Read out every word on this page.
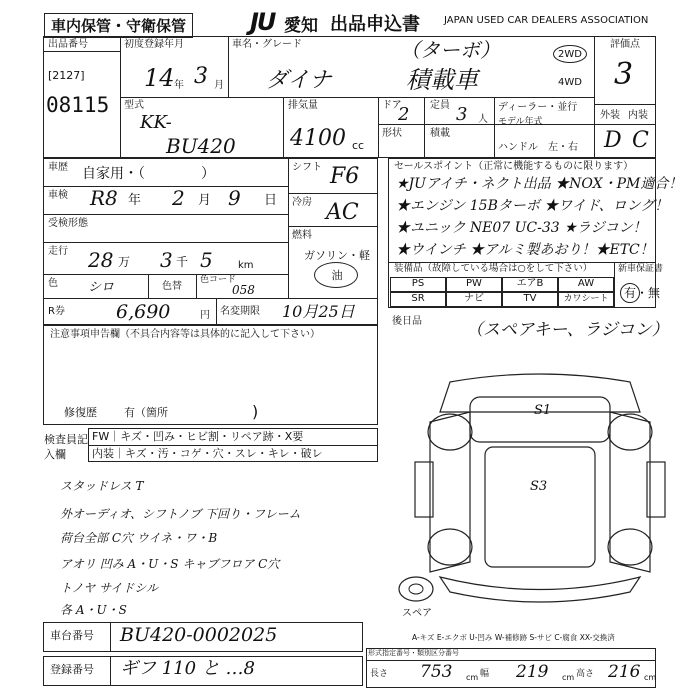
車内保管・守衛保管	JU 愛知 出品申込書 JAPAN USED CAR DEALERS ASSOCIATION
出品番号
[2127]
08115
初度登録年月
14 年 3 月
車名・グレード	（ターボ）
ダイナ	積載車
2WD
4WD
評価点
3
型式
KK-
BU420
排気量
4100 cc
ドア
2 定員 3 人
形状	積載
ディーラー・並行
モデル年式
ハンドル 左・右
外装 内装
D C
車歴 自家用・（　　　　）
車検 R8 年 2 月 9 日
受検形態
走行 28 万 3 千 5	km
色 シロ	色替
色コード
058
R券	6,690	円 名変期限 10月25日
シフト F6
冷房 AC
燃料
ガソリン・軽油
セールスポイント（正常に機能するものに限ります）
★JUアイチ・ネクト出品 ★NOX・PM適合！
★エンジン 15Bターボ ★ワイド、ロング！
★ユニック NE07 UC-33 ★ラジコン！
★ウインチ ★アルミ製あおり！★ETC！
装備品（故障している場合は○をして下さい）
PS	PW	エアB	AW
SR	ナビ	TV	カワシート
新車保証書
有・無
注意事項申告欄（不具合内容等は具体的に記入して下さい）
修復歴 有（箇所	)
後日品	（スペアキー、ラジコン）
検査員記入欄
FW｜キズ・凹み・ヒビ割・リペア跡・X要
内装｜キズ・汚・コゲ・穴・スレ・キレ・破レ
スタッドレス T
外オーディオ、シフトノブ 下回り・フレーム
荷台全部 C穴 ウイネ・ワ・B
アオリ 凹み A・U・S キャブフロア C穴
トノヤ サイドシル
各 A・U・S
S1
S3
スペア
A-キズ E-エクボ U-凹み W-補修跡 S-サビ C-腐食 XX-交換済
車台番号 BU420-0002025
登録番号 ギフ 110 と …8
形式指定番号・類別区分番号
長さ 753 cm 幅 219 cm 高さ 216 cm
